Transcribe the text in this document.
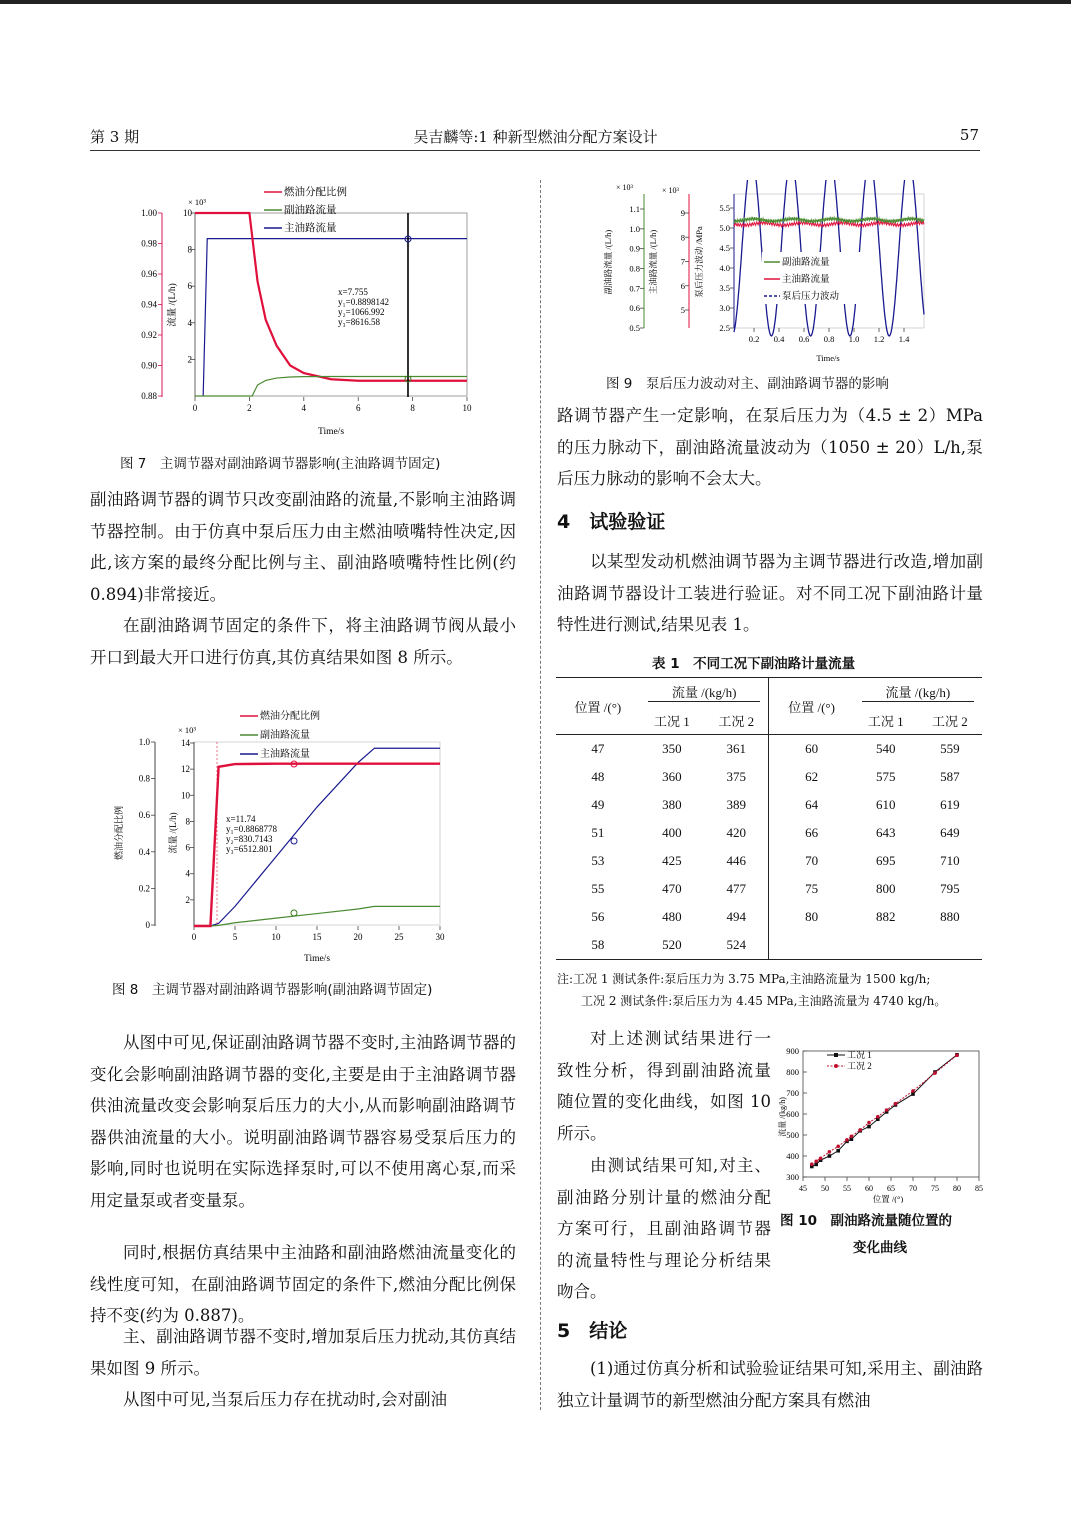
第 3 期	吴吉麟等:1 种新型燃油分配方案设计	57
1.00
0.98
0.96
0.94
0.92
0.90
0.88
10
8
6
4
2
0	2	4	6	8	10
× 10³
流量 /(L/h)
Time/s
x=7.755
y₁=0.8898142
y₂=1066.992
y₃=8616.58
燃油分配比例
副油路流量
主油路流量
图 7　主调节器对副油路调节器影响(主油路调节固定)

副油路调节器的调节只改变副油路的流量,不影响主油路调节器控制。由于仿真中泵后压力由主燃油喷嘴特性决定,因此,该方案的最终分配比例与主、副油路喷嘴特性比例(约 0.894)非常接近。

在副油路调节固定的条件下，将主油路调节阀从最小开口到最大开口进行仿真,其仿真结果如图 8 所示。

1.0
0.8
0.6
0.4
0.2
0
14
12
10
8
6
4
2
0	5	10	15	20	25	30
× 10³
燃油分配比例	流量 /(L/h)
Time/s
x=11.74
y₁=0.8868778
y₂=830.7143
y₃=6512.801
燃油分配比例
副油路流量
主油路流量
图 8　主调节器对副油路调节器影响(副油路调节固定)

从图中可见,保证副油路调节器不变时,主油路调节器的变化会影响副油路调节器的变化,主要是由于主油路调节器供油流量改变会影响泵后压力的大小,从而影响副油路调节器供油流量的大小。说明副油路调节器容易受泵后压力的影响,同时也说明在实际选择泵时,可以不使用离心泵,而采用定量泵或者变量泵。

同时,根据仿真结果中主油路和副油路燃油流量变化的线性度可知，在副油路调节固定的条件下,燃油分配比例保持不变(约为 0.887)。

主、副油路调节器不变时,增加泵后压力扰动,其仿真结果如图 9 所示。

从图中可见,当泵后压力存在扰动时,会对副油

1.1
1.0
0.9
0.8
0.7
0.6
0.5
9
8
7
6
5
5.5
5.0
4.5
4.0
3.5
3.0
2.5
0.2 0.4 0.6 0.8 1.0 1.2 1.4
× 10³	× 10³
副油路流量 /(L/h)	主油路流量 /(L/h)	泵后压力波动 /MPa
Time/s
副油路流量
主油路流量
泵后压力波动
图 9　泵后压力波动对主、副油路调节器的影响

路调节器产生一定影响，在泵后压力为（4.5 ± 2）MPa 的压力脉动下，副油路流量波动为（1050 ± 20）L/h,泵后压力脉动的影响不会太大。

4　试验验证

以某型发动机燃油调节器为主调节器进行改造,增加副油路调节器设计工装进行验证。对不同工况下副油路计量特性进行测试,结果见表 1。

表 1　不同工况下副油路计量流量
位置 /(°)	流量 /(kg/h)		位置 /(°)	流量 /(kg/h)	

	工况 1	工况 2		工况 1	工况 2
47	350	361	60	540	559
48	360	375	62	575	587
49	380	389	64	610	619
51	400	420	66	643	649
53	425	446	70	695	710
55	470	477	75	800	795
56	480	494	80	882	880
58	520	524			
注:工况 1 测试条件:泵后压力为 3.75 MPa,主油路流量为 1500 kg/h;
工况 2 测试条件:泵后压力为 4.45 MPa,主油路流量为 4740 kg/h。

对上述测试结果进行一致性分析，得到副油路流量随位置的变化曲线，如图 10 所示。

由测试结果可知,对主、副油路分别计量的燃油分配方案可行，且副油路调节器的流量特性与理论分析结果吻合。

900
800
700
600
500
400
300
45 50 55 60 65 70 75 80 85
流量 /(kg/h)
位置 /(°)
工况 1
工况 2
图 10　副油路流量随位置的
变化曲线
5　结论

(1)通过仿真分析和试验验证结果可知,采用主、副油路独立计量调节的新型燃油分配方案具有燃油
